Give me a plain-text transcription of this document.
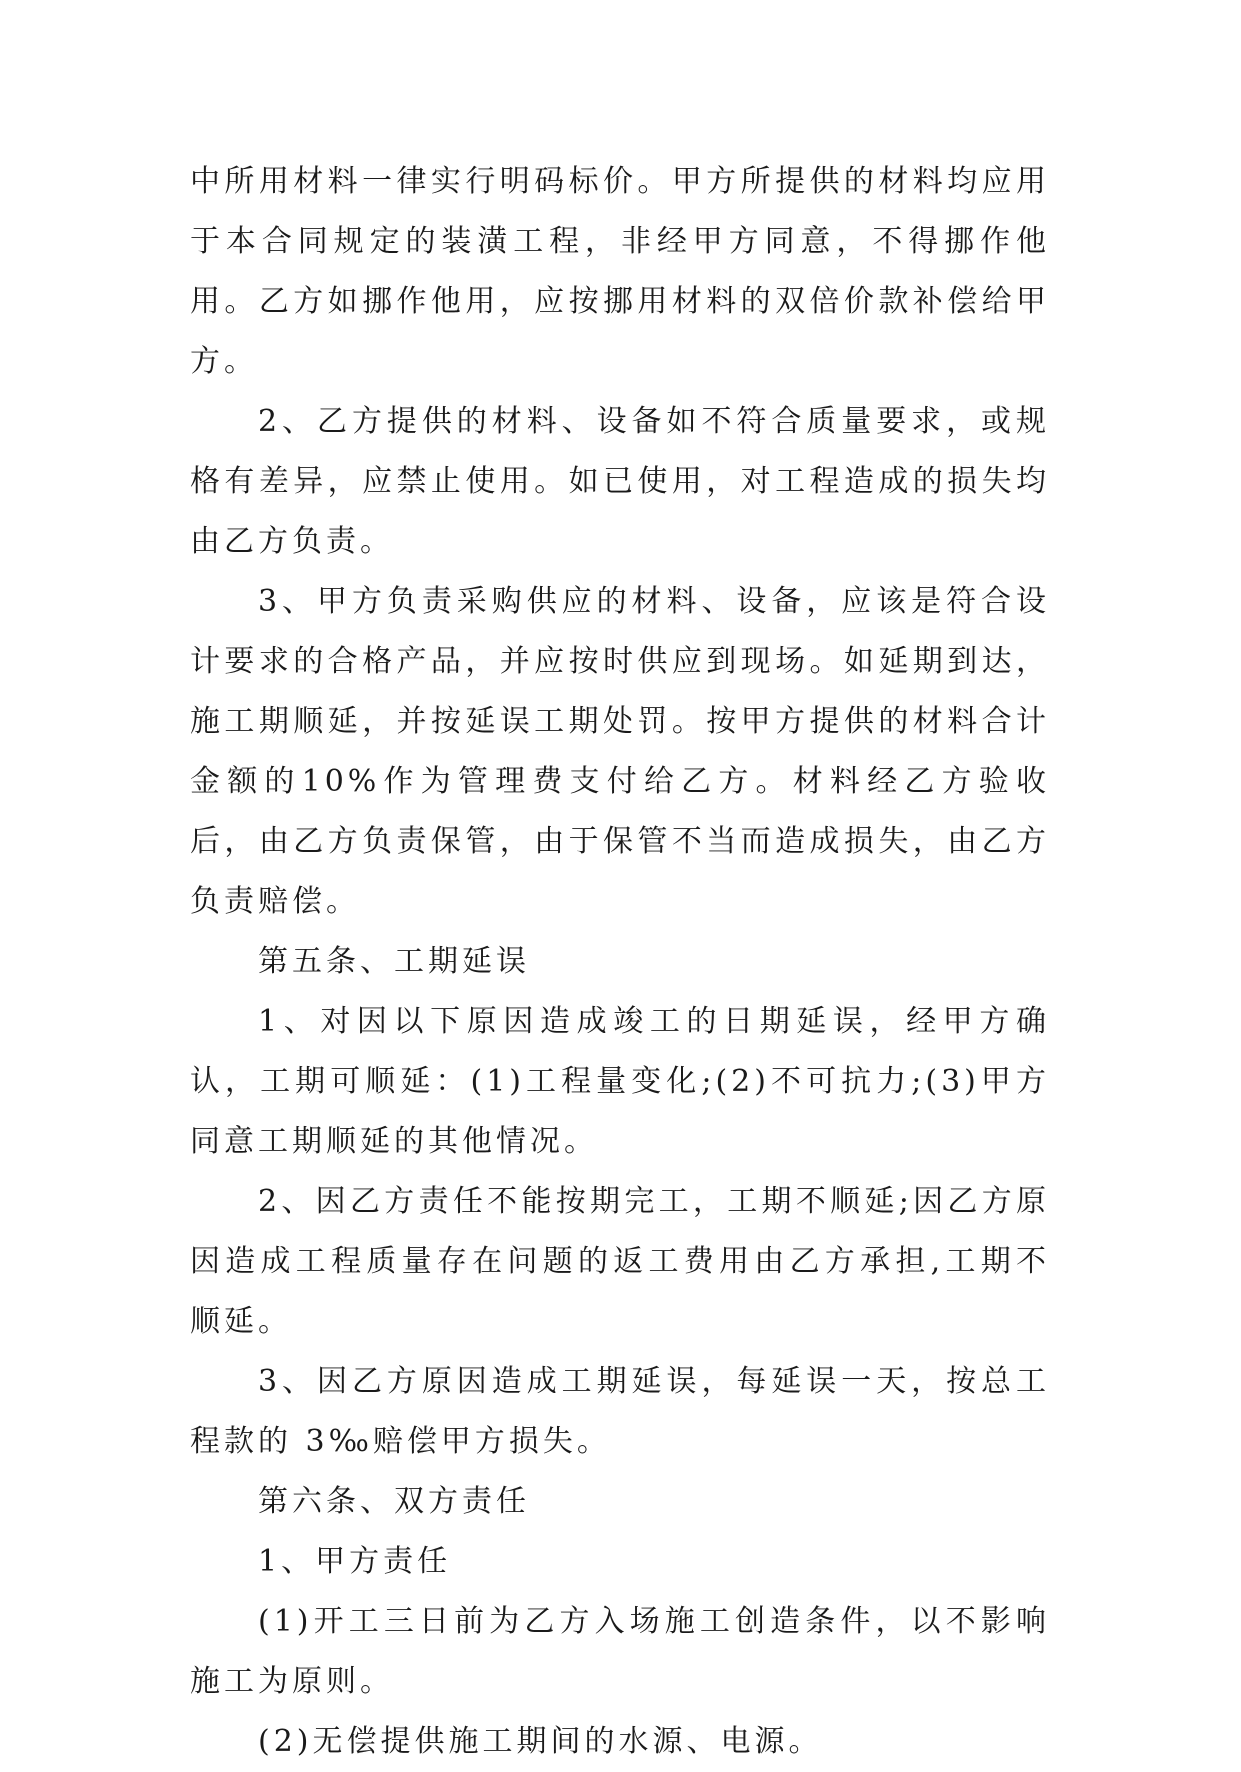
中所用材料一律实行明码标价。甲方所提供的材料均应用于本合同规定的装潢工程，非经甲方同意，不得挪作他用。乙方如挪作他用，应按挪用材料的双倍价款补偿给甲方。

2、乙方提供的材料、设备如不符合质量要求，或规格有差异，应禁止使用。如已使用，对工程造成的损失均由乙方负责。

3、甲方负责采购供应的材料、设备，应该是符合设计要求的合格产品，并应按时供应到现场。如延期到达，施工期顺延，并按延误工期处罚。按甲方提供的材料合计金额的10%作为管理费支付给乙方。材料经乙方验收后，由乙方负责保管，由于保管不当而造成损失，由乙方负责赔偿。

第五条、工期延误

1、对因以下原因造成竣工的日期延误，经甲方确认，工期可顺延：(1)工程量变化;(2)不可抗力;(3)甲方同意工期顺延的其他情况。

2、因乙方责任不能按期完工，工期不顺延;因乙方原因造成工程质量存在问题的返工费用由乙方承担,工期不顺延。

3、因乙方原因造成工期延误，每延误一天，按总工程款的 3‰赔偿甲方损失。

第六条、双方责任

1、甲方责任

(1)开工三日前为乙方入场施工创造条件，以不影响施工为原则。

(2)无偿提供施工期间的水源、电源。
